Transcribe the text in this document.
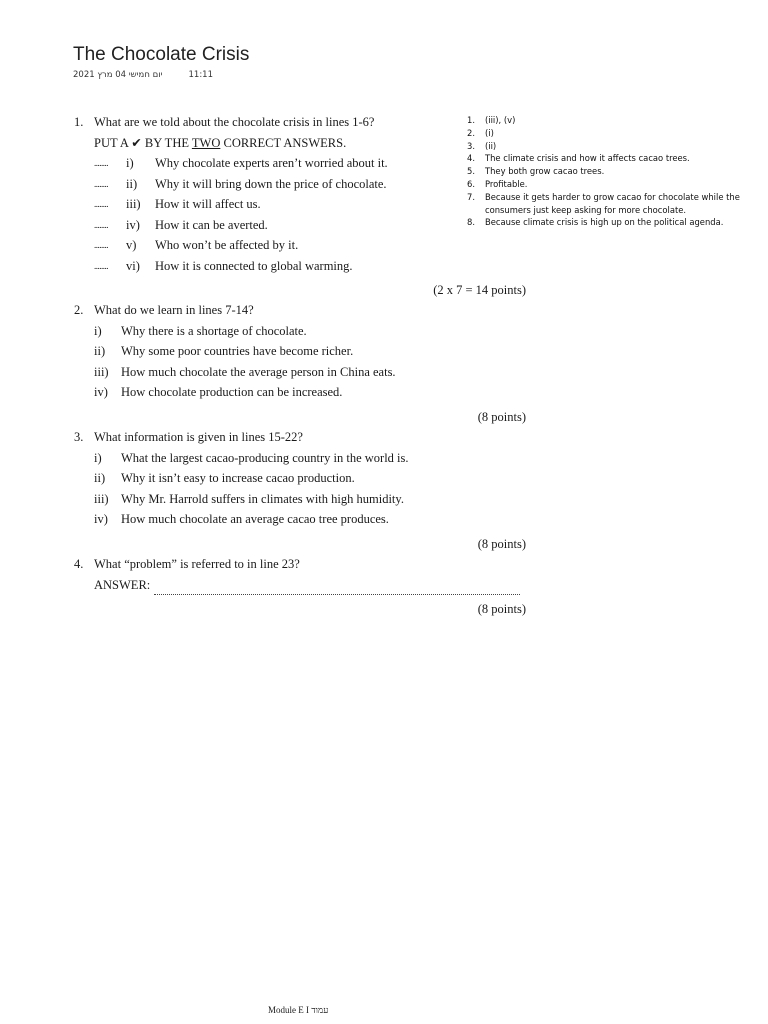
The Chocolate Crisis
יום חמישי 04 מרץ 2021	11:11
1. What are we told about the chocolate crisis in lines 1-6?
PUT A ✔ BY THE TWO CORRECT ANSWERS.
........	i)	Why chocolate experts aren’t worried about it.
........	ii)	Why it will bring down the price of chocolate.
........	iii)	How it will affect us.
........	iv)	How it can be averted.
........	v)	Who won’t be affected by it.
........	vi)	How it is connected to global warming.
(2 x 7 = 14 points)
2. What do we learn in lines 7-14?
i)	Why there is a shortage of chocolate.
ii)	Why some poor countries have become richer.
iii) How much chocolate the average person in China eats.
iv)	How chocolate production can be increased.
(8 points)
3. What information is given in lines 15-22?
i)	What the largest cacao-producing country in the world is.
ii)	Why it isn’t easy to increase cacao production.
iii) Why Mr. Harrold suffers in climates with high humidity.
iv)	How much chocolate an average cacao tree produces.
(8 points)
4. What “problem” is referred to in line 23?
ANSWER:
(8 points)
1.	(iii), (v)
2.	(i)
3.	(ii)
4.	The climate crisis and how it affects cacao trees.
5.	They both grow cacao trees.
6.	Profitable.
7.	Because it gets harder to grow cacao for chocolate while the consumers just keep asking for more chocolate.
8.	Because climate crisis is high up on the political agenda.
Module E I עמוד
